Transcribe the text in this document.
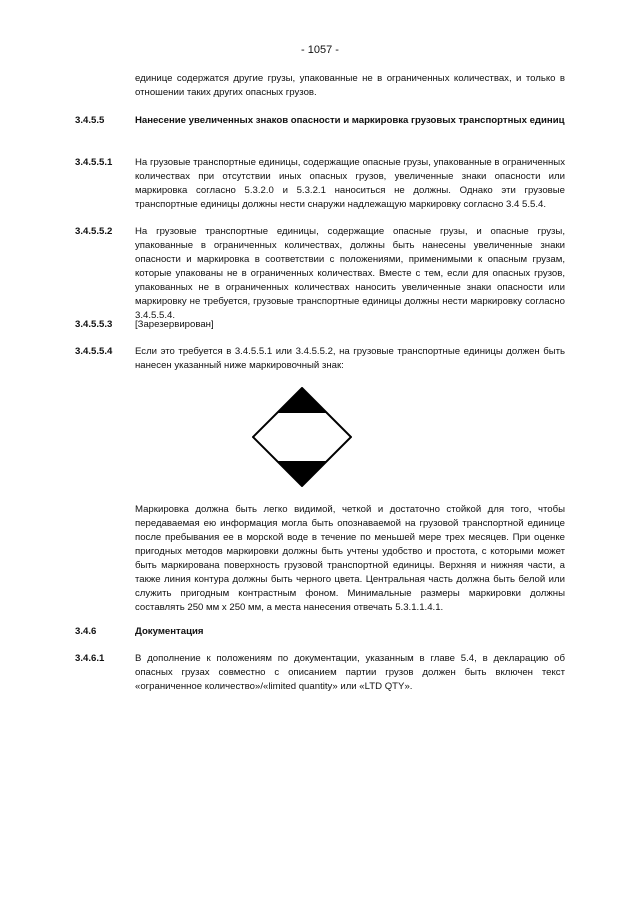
- 1057 -
единице содержатся другие грузы, упакованные не в ограниченных количествах, и только в отношении таких других опасных грузов.
3.4.5.5	Нанесение увеличенных знаков опасности и маркировка грузовых транспортных единиц
3.4.5.5.1 На грузовые транспортные единицы, содержащие опасные грузы, упакованные в ограниченных количествах при отсутствии иных опасных грузов, увеличенные знаки опасности или маркировка согласно 5.3.2.0 и 5.3.2.1 наноситься не должны. Однако эти грузовые транспортные единицы должны нести снаружи надлежащую маркировку согласно 3.4 5.5.4.
3.4.5.5.2 На грузовые транспортные единицы, содержащие опасные грузы, и опасные грузы, упакованные в ограниченных количествах, должны быть нанесены увеличенные знаки опасности и маркировка в соответствии с положениями, применимыми к опасным грузам, которые упакованы не в ограниченных количествах. Вместе с тем, если для опасных грузов, упакованных не в ограниченных количествах наносить увеличенные знаки опасности или маркировку не требуется, грузовые транспортные единицы должны нести маркировку согласно 3.4.5.5.4.
3.4.5.5.3 [Зарезервирован]
3.4.5.5.4 Если это требуется в 3.4.5.5.1 или 3.4.5.5.2, на грузовые транспортные единицы должен быть нанесен указанный ниже маркировочный знак:
Маркировка должна быть легко видимой, четкой и достаточно стойкой для того, чтобы передаваемая ею информация могла быть опознаваемой на грузовой транспортной единице после пребывания ее в морской воде в течение по меньшей мере трех месяцев. При оценке пригодных методов маркировки должны быть учтены удобство и простота, с которыми может быть маркирована поверхность грузовой транспортной единицы. Верхняя и нижняя части, а также линия контура должны быть черного цвета. Центральная часть должна быть белой или служить пригодным контрастным фоном. Минимальные размеры маркировки должны составлять 250 мм х 250 мм, а места нанесения отвечать 5.3.1.1.4.1.
3.4.6	Документация
3.4.6.1	В дополнение к положениям по документации, указанным в главе 5.4, в декларацию об опасных грузах совместно с описанием партии грузов должен быть включен текст «ограниченное количество»/«limited quantity» или «LTD QTY».
